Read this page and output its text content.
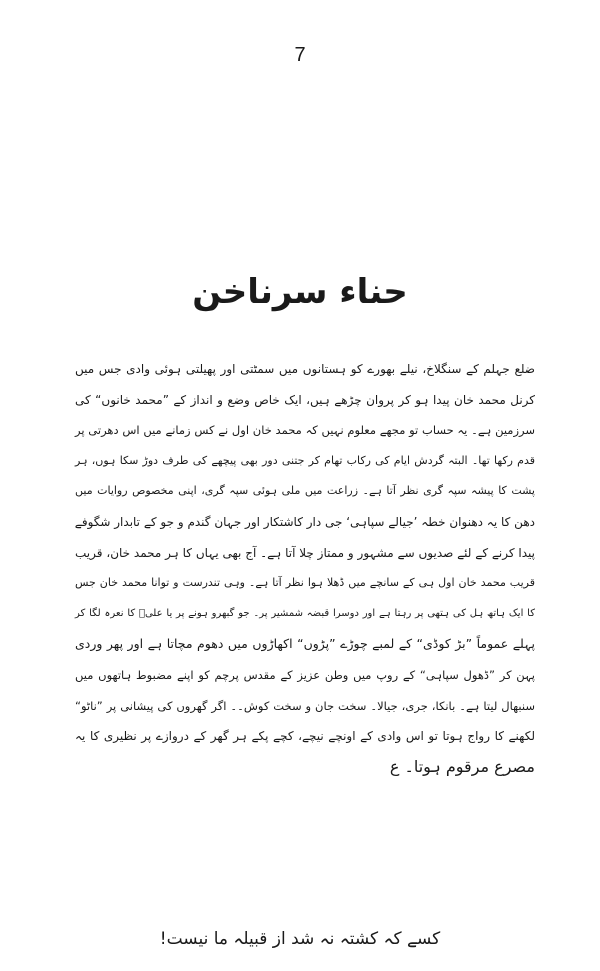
7
حناء سرناخن
ضلع جہلم کے سنگلاخ، نیلے بھورے کو ہستانوں میں سمٹتی اور پھیلتی ہوئی وادی جس میں
کرنل محمد خان پیدا ہو کر پروان چڑھے ہیں، ایک خاص وضع و انداز کے ”محمد خانوں“ کی
سرزمین ہے۔ یہ حساب تو مجھے معلوم نہیں کہ محمد خان اول نے کس زمانے میں اس دھرتی پر
قدم رکھا تھا۔ البتہ گردش ایام کی رکاب تھام کر جتنی دور بھی پیچھے کی طرف دوڑ سکا ہوں، ہر
پشت کا پیشہ سپہ گری نظر آتا ہے۔ زراعت میں ملی ہوئی سپہ گری، اپنی مخصوص روایات میں
دھن کا یہ دھنوان خطہ ’جیالے سپاہی‘ جی دار کاشتکار اور جہان گندم و جو کے تابدار شگوفے
پیدا کرنے کے لئے صدیوں سے مشہور و ممتاز چلا آتا ہے۔ آج بھی یہاں کا ہر محمد خان، قریب
قریب محمد خان اول ہی کے سانچے میں ڈھلا ہوا نظر آتا ہے۔ وہی تندرست و توانا محمد خان جس
کا ایک ہاتھ ہل کی ہتھی پر رہتا ہے اور دوسرا قبضہ شمشیر پر۔ جو گبھرو ہونے پر یا علیؑ کا نعرہ لگا کر
پہلے عموماً ”بڑ کوڈی“ کے لمبے چوڑے ”پڑوں“ اکھاڑوں میں دھوم مچاتا ہے اور پھر وردی
پہن کر ”ڈھول سپاہی“ کے روپ میں وطن عزیز کے مقدس پرچم کو اپنے مضبوط ہاتھوں میں
سنبھال لیتا ہے۔ بانکا، جری، جیالا۔ سخت جان و سخت کوش۔۔ اگر گھروں کی پیشانی پر ”ناٹو“
لکھنے کا رواج ہوتا تو اس وادی کے اونچے نیچے، کچے پکے ہر گھر کے دروازے پر نظیری کا یہ
مصرع مرقوم ہوتا۔ ع
کسے کہ کشتہ نہ شد از قبیلہ ما نیست!
